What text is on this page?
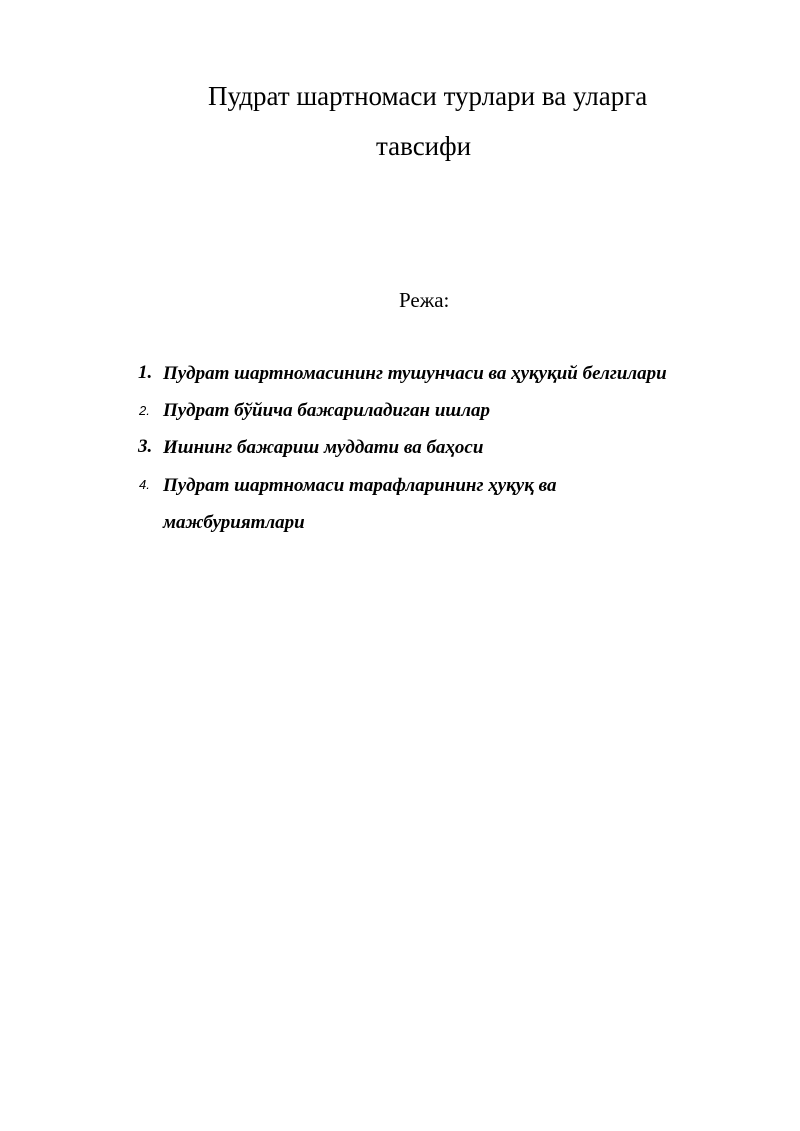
Пудрат шартномаси турлари ва уларга
тавсифи
Режа:
1. Пудрат шартномасининг тушунчаси ва ҳуқуқий белгилари
2. Пудрат бўйича бажариладиган ишлар
3. Ишнинг бажариш муддати ва баҳоси
4. Пудрат шартномаси тарафларининг ҳуқуқ ва мажбуриятлари
